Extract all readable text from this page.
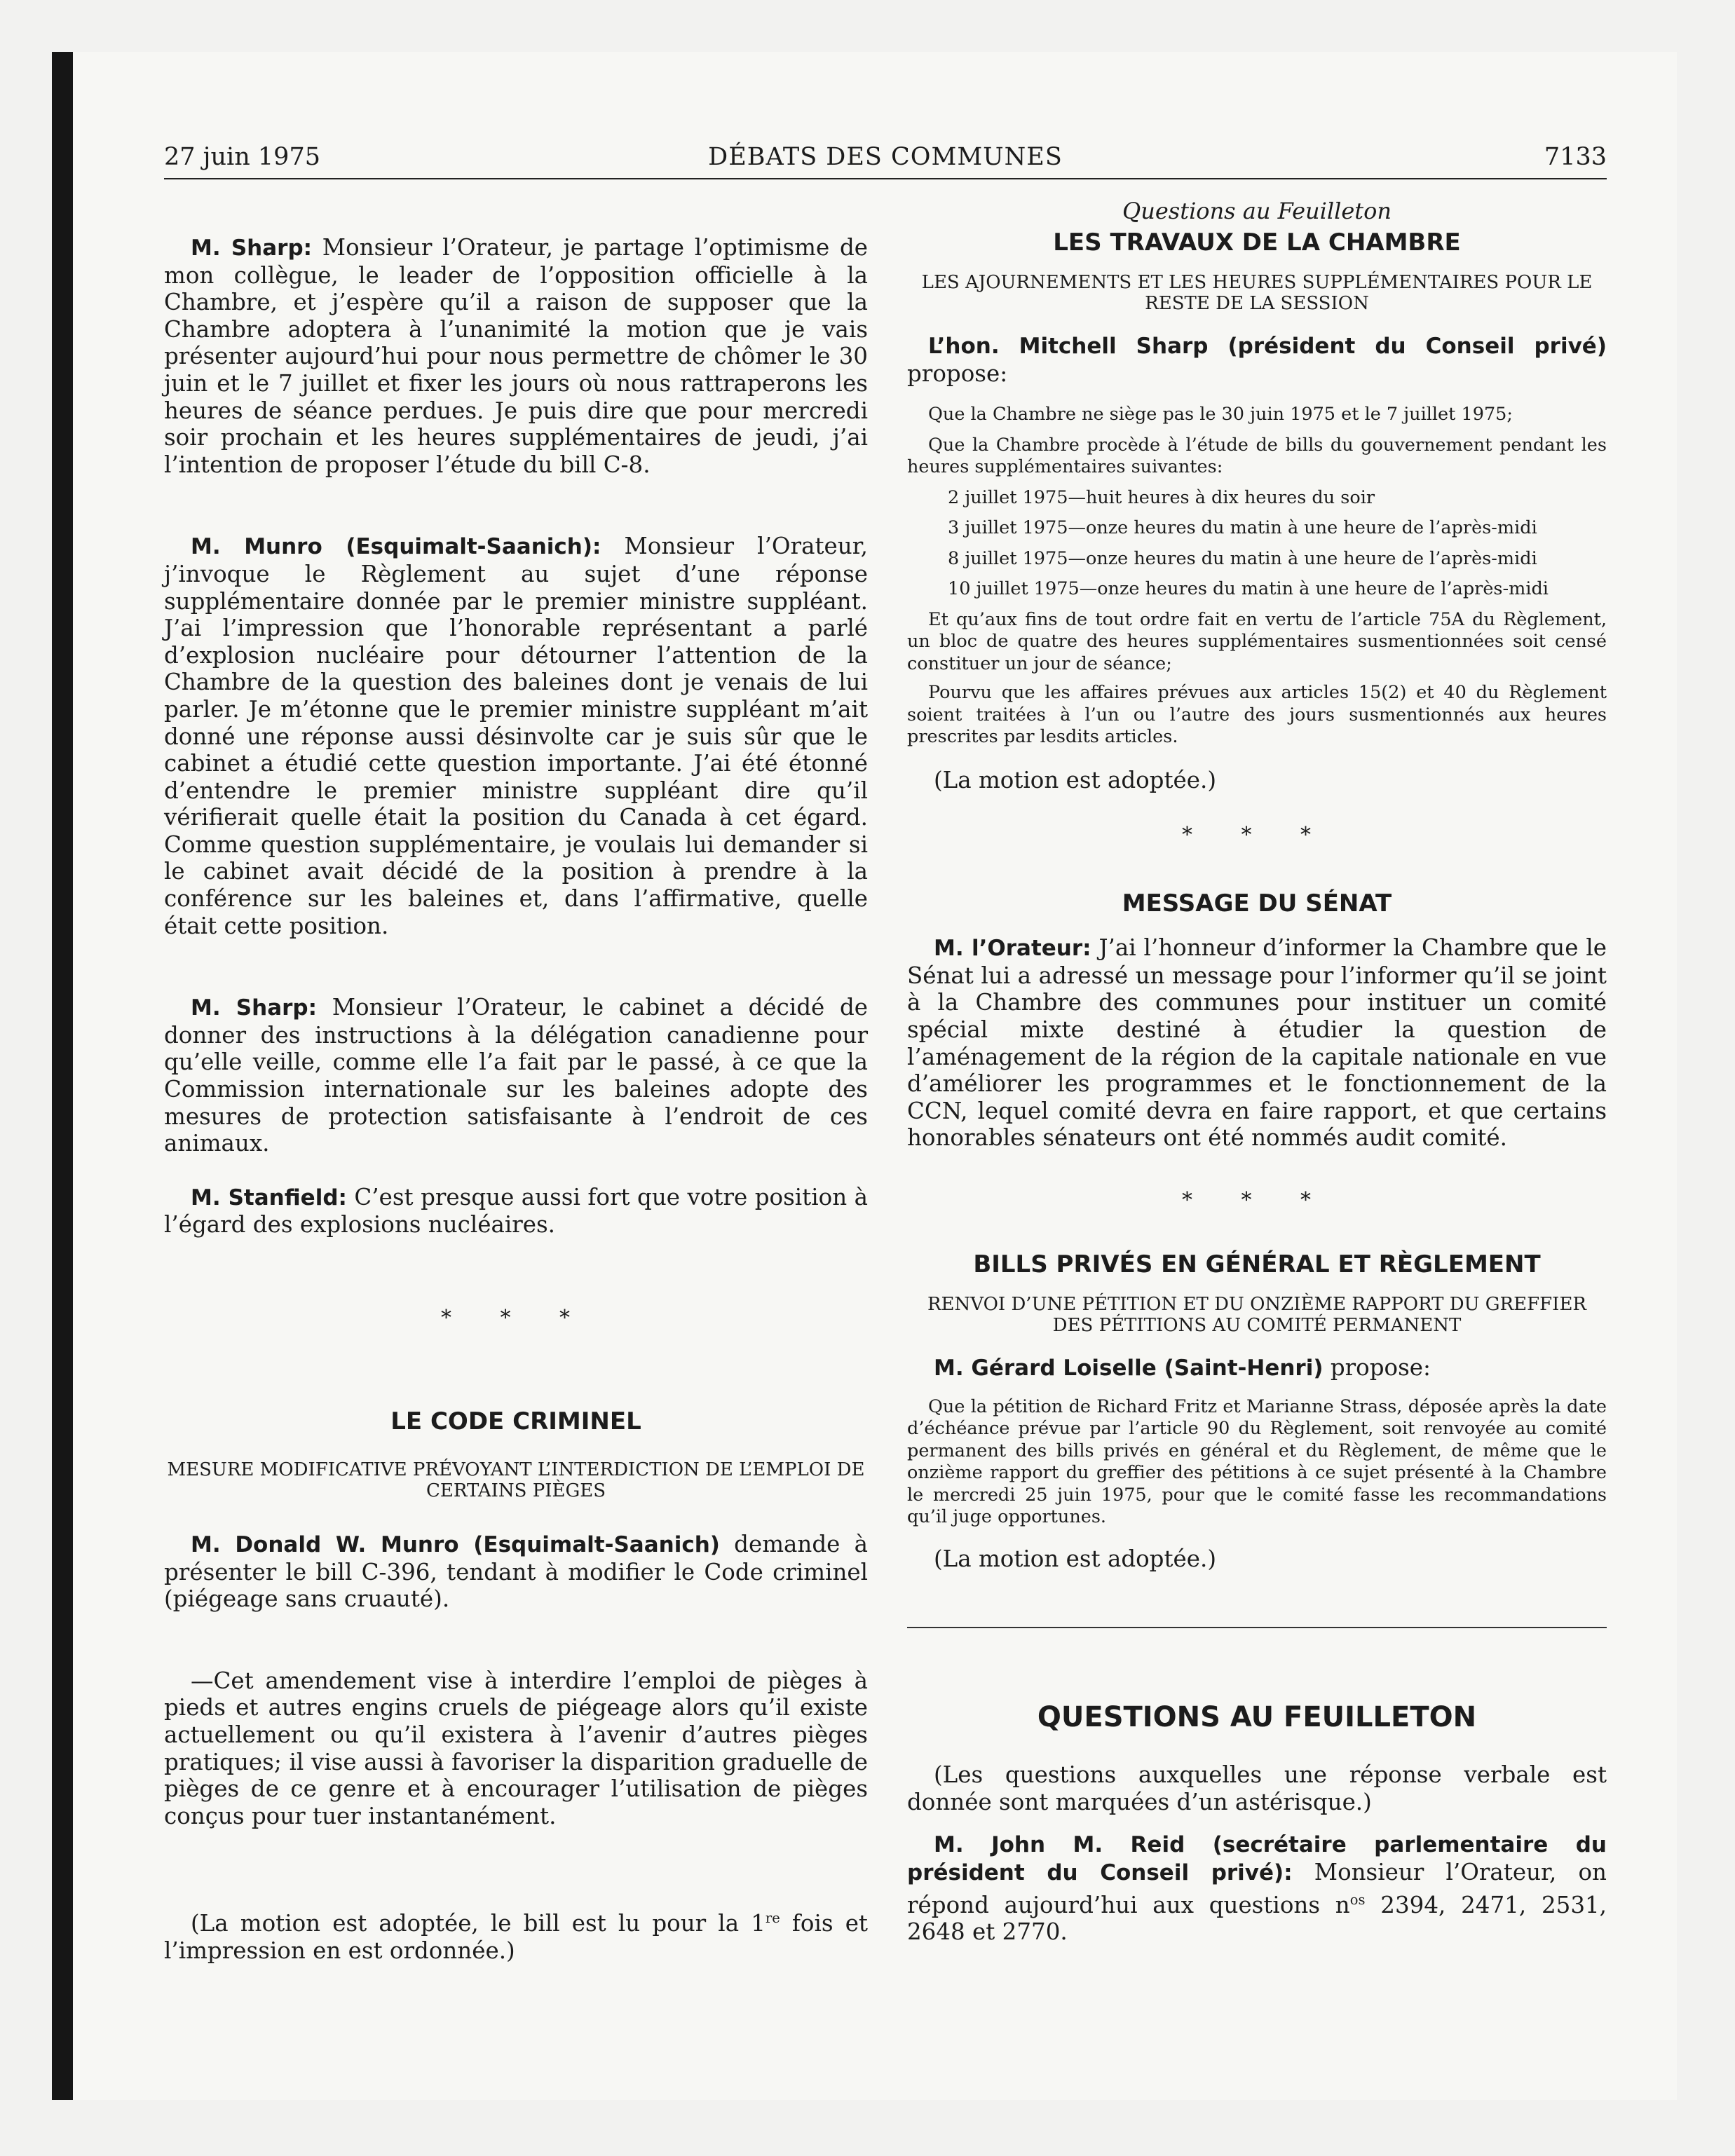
27 juin 1975	DÉBATS DES COMMUNES	7133

M. Sharp: Monsieur l’Orateur, je partage l’optimisme de mon collègue, le leader de l’opposition officielle à la Chambre, et j’espère qu’il a raison de supposer que la Chambre adoptera à l’unanimité la motion que je vais présenter aujourd’hui pour nous permettre de chômer le 30 juin et le 7 juillet et fixer les jours où nous rattraperons les heures de séance perdues. Je puis dire que pour mercredi soir prochain et les heures supplémentaires de jeudi, j’ai l’intention de proposer l’étude du bill C-8.

M. Munro (Esquimalt-Saanich): Monsieur l’Orateur, j’invoque le Règlement au sujet d’une réponse supplémentaire donnée par le premier ministre suppléant. J’ai l’impression que l’honorable représentant a parlé d’explosion nucléaire pour détourner l’attention de la Chambre de la question des baleines dont je venais de lui parler. Je m’étonne que le premier ministre suppléant m’ait donné une réponse aussi désinvolte car je suis sûr que le cabinet a étudié cette question importante. J’ai été étonné d’entendre le premier ministre suppléant dire qu’il vérifierait quelle était la position du Canada à cet égard. Comme question supplémentaire, je voulais lui demander si le cabinet avait décidé de la position à prendre à la conférence sur les baleines et, dans l’affirmative, quelle était cette position.

M. Sharp: Monsieur l’Orateur, le cabinet a décidé de donner des instructions à la délégation canadienne pour qu’elle veille, comme elle l’a fait par le passé, à ce que la Commission internationale sur les baleines adopte des mesures de protection satisfaisante à l’endroit de ces animaux.

M. Stanfield: C’est presque aussi fort que votre position à l’égard des explosions nucléaires.

* * *

LE CODE CRIMINEL

MESURE MODIFICATIVE PRÉVOYANT L’INTERDICTION DE L’EMPLOI DE CERTAINS PIÈGES

M. Donald W. Munro (Esquimalt-Saanich) demande à présenter le bill C-396, tendant à modifier le Code criminel (piégeage sans cruauté).

—Cet amendement vise à interdire l’emploi de pièges à pieds et autres engins cruels de piégeage alors qu’il existe actuellement ou qu’il existera à l’avenir d’autres pièges pratiques; il vise aussi à favoriser la disparition graduelle de pièges de ce genre et à encourager l’utilisation de pièges conçus pour tuer instantanément.

(La motion est adoptée, le bill est lu pour la 1re fois et l’impression en est ordonnée.)

Questions au Feuilleton

LES TRAVAUX DE LA CHAMBRE

LES AJOURNEMENTS ET LES HEURES SUPPLÉMENTAIRES POUR LE RESTE DE LA SESSION

L’hon. Mitchell Sharp (président du Conseil privé) propose:

Que la Chambre ne siège pas le 30 juin 1975 et le 7 juillet 1975;

Que la Chambre procède à l’étude de bills du gouvernement pendant les heures supplémentaires suivantes:

2 juillet 1975—huit heures à dix heures du soir

3 juillet 1975—onze heures du matin à une heure de l’après-midi

8 juillet 1975—onze heures du matin à une heure de l’après-midi

10 juillet 1975—onze heures du matin à une heure de l’après-midi

Et qu’aux fins de tout ordre fait en vertu de l’article 75A du Règlement, un bloc de quatre des heures supplémentaires susmentionnées soit censé constituer un jour de séance;

Pourvu que les affaires prévues aux articles 15(2) et 40 du Règlement soient traitées à l’un ou l’autre des jours susmentionnés aux heures prescrites par lesdits articles.

(La motion est adoptée.)

* * *

MESSAGE DU SÉNAT

M. l’Orateur: J’ai l’honneur d’informer la Chambre que le Sénat lui a adressé un message pour l’informer qu’il se joint à la Chambre des communes pour instituer un comité spécial mixte destiné à étudier la question de l’aménagement de la région de la capitale nationale en vue d’améliorer les programmes et le fonctionnement de la CCN, lequel comité devra en faire rapport, et que certains honorables sénateurs ont été nommés audit comité.

* * *

BILLS PRIVÉS EN GÉNÉRAL ET RÈGLEMENT

RENVOI D’UNE PÉTITION ET DU ONZIÈME RAPPORT DU GREFFIER DES PÉTITIONS AU COMITÉ PERMANENT

M. Gérard Loiselle (Saint-Henri) propose:

Que la pétition de Richard Fritz et Marianne Strass, déposée après la date d’échéance prévue par l’article 90 du Règlement, soit renvoyée au comité permanent des bills privés en général et du Règlement, de même que le onzième rapport du greffier des pétitions à ce sujet présenté à la Chambre le mercredi 25 juin 1975, pour que le comité fasse les recommandations qu’il juge opportunes.

(La motion est adoptée.)

QUESTIONS AU FEUILLETON

(Les questions auxquelles une réponse verbale est donnée sont marquées d’un astérisque.)

M. John M. Reid (secrétaire parlementaire du président du Conseil privé): Monsieur l’Orateur, on répond aujourd’hui aux questions $n^{os}$ 2394, 2471, 2531, 2648 et 2770.
